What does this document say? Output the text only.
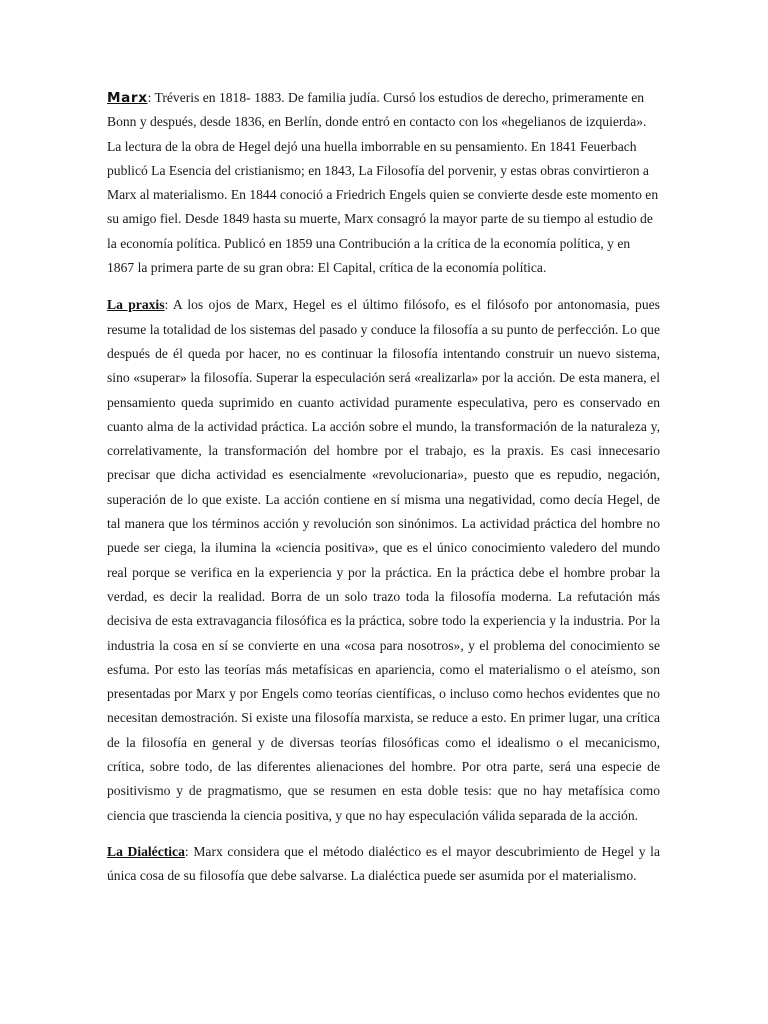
Marx: Tréveris en 1818- 1883. De familia judía. Cursó los estudios de derecho, primeramente en Bonn y después, desde 1836, en Berlín, donde entró en contacto con los «hegelianos de izquierda». La lectura de la obra de Hegel dejó una huella imborrable en su pensamiento. En 1841 Feuerbach publicó La Esencia del cristianismo; en 1843, La Filosofía del porvenir, y estas obras convirtieron a Marx al materialismo. En 1844 conoció a Friedrich Engels quien se convierte desde este momento en su amigo fiel. Desde 1849 hasta su muerte, Marx consagró la mayor parte de su tiempo al estudio de la economía política. Publicó en 1859 una Contribución a la crítica de la economía política, y en 1867 la primera parte de su gran obra: El Capital, crítica de la economía política.

La praxis: A los ojos de Marx, Hegel es el último filósofo, es el filósofo por antonomasia, pues resume la totalidad de los sistemas del pasado y conduce la filosofía a su punto de perfección. Lo que después de él queda por hacer, no es continuar la filosofía intentando construir un nuevo sistema, sino «superar» la filosofía. Superar la especulación será «realizarla» por la acción. De esta manera, el pensamiento queda suprimido en cuanto actividad puramente especulativa, pero es conservado en cuanto alma de la actividad práctica. La acción sobre el mundo, la transformación de la naturaleza y, correlativamente, la transformación del hombre por el trabajo, es la praxis. Es casi innecesario precisar que dicha actividad es esencialmente «revolucionaria», puesto que es repudio, negación, superación de lo que existe. La acción contiene en sí misma una negatividad, como decía Hegel, de tal manera que los términos acción y revolución son sinónimos. La actividad práctica del hombre no puede ser ciega, la ilumina la «ciencia positiva», que es el único conocimiento valedero del mundo real porque se verifica en la experiencia y por la práctica. En la práctica debe el hombre probar la verdad, es decir la realidad. Borra de un solo trazo toda la filosofía moderna. La refutación más decisiva de esta extravagancia filosófica es la práctica, sobre todo la experiencia y la industria. Por la industria la cosa en sí se convierte en una «cosa para nosotros», y el problema del conocimiento se esfuma. Por esto las teorías más metafísicas en apariencia, como el materialismo o el ateísmo, son presentadas por Marx y por Engels como teorías científicas, o incluso como hechos evidentes que no necesitan demostración. Si existe una filosofía marxista, se reduce a esto. En primer lugar, una crítica de la filosofía en general y de diversas teorías filosóficas como el idealismo o el mecanicismo, crítica, sobre todo, de las diferentes alienaciones del hombre. Por otra parte, será una especie de positivismo y de pragmatismo, que se resumen en esta doble tesis: que no hay metafísica como ciencia que trascienda la ciencia positiva, y que no hay especulación válida separada de la acción.

La Dialéctica: Marx considera que el método dialéctico es el mayor descubrimiento de Hegel y la única cosa de su filosofía que debe salvarse. La dialéctica puede ser asumida por el materialismo.
